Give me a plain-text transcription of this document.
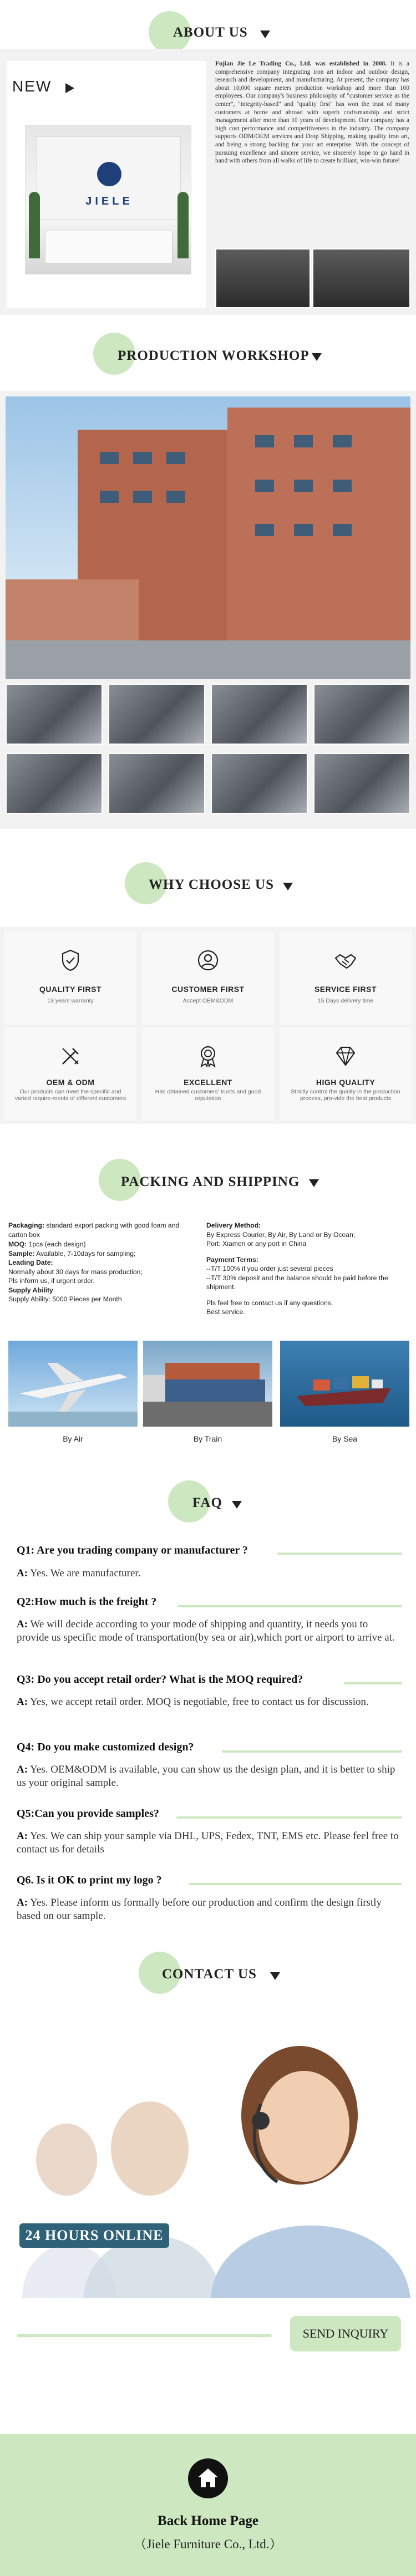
ABOUT US
NEW
JIELE
Fujian Jie Le Trading Co., Ltd. was established in 2008. It is a comprehensive company integrating iron art indoor and outdoor design, research and development, and manufacturing. At present, the company has about 10,000 square meters production workshop and more than 100 employees. Our company's business philosophy of "customer service as the center", "integrity-based" and "quality first" has won the trust of many customers at home and abroad with superb craftsmanship and strict management after more than 10 years of development. Our company has a high cost performance and competitiveness in the industry. The company supports ODM/OEM services and Drop Shipping, making quality iron art, and being a strong backing for your art enterprise. With the concept of pursuing excellence and sincere service, we sincerely hope to go hand in hand with others from all walks of life to create brilliant, win-win future!
PRODUCTION WORKSHOP
WHY CHOOSE US
QUALITY FIRST
13 years warranty
CUSTOMER FIRST
Accept OEM&ODM
SERVICE FIRST
15 Days delivery time
OEM & ODM
Our products can meet the specific and varied require-ments of different customers
EXCELLENT
Has obtained customers' trusts and good reputation
HIGH QUALITY
Strictly control the quality in the production process, pro-vide the best products
PACKING AND SHIPPING
Packaging: standard export packing with good foam and carton box
MOQ: 1pcs (each design)
Sample: Available, 7-10days for sampling;
Leading Date:
Normally about 30 days for mass production;
Pls inform us, if urgent order.
Supply Ability
Supply Ability: 5000 Pieces per Month
Delivery Method:
By Express Courier, By Air, By Land or By Ocean;
Port: Xiamen or any port in China
Payment Terms:
--T/T 100% if you order just several pieces
--T/T 30% deposit and the balance should be paid before the shipment.
Pls feel free to contact us if any questions.
Best service.
By Air	By Train	By Sea
FAQ
Q1: Are you trading company or manufacturer ?
A: Yes. We are manufacturer.
Q2:How much is the freight ?
A: We will decide according to your mode of shipping and quantity, it needs you to provide us specific mode of transportation(by sea or air),which port or airport to arrive at.
Q3: Do you accept retail order? What is the MOQ required?
A: Yes, we accept retail order. MOQ is negotiable, free to contact us for discussion.
Q4: Do you make customized design?
A: Yes. OEM&ODM is available, you can show us the design plan, and it is better to ship us your original sample.
Q5:Can you provide samples?
A: Yes. We can ship your sample via DHL, UPS, Fedex, TNT, EMS etc. Please feel free to contact us for details
Q6. Is it OK to print my logo ?
A: Yes. Please inform us formally before our production and confirm the design firstly based on our sample.
CONTACT US
24 HOURS ONLINE
SEND INQUIRY
Back Home Page
（Jiele Furniture Co., Ltd.）
